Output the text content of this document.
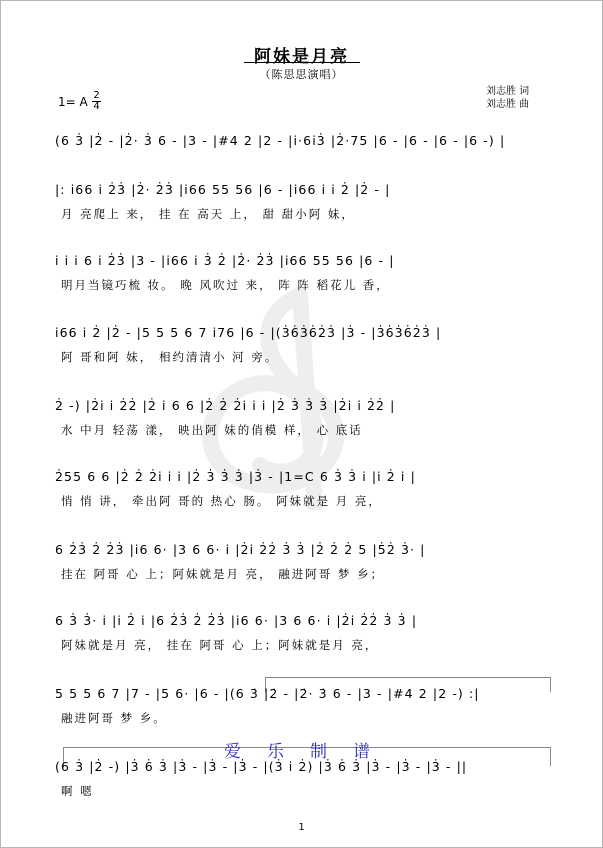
阿妹是月亮
（陈思思演唱）
刘志胜 词
刘志胜 曲
1= A 2
4
(6 3̇ |2̇ - |2̇· 3̇ 6 - |3 - |#4 2 |2 - |i·6i3̇ |2̇·75 |6 - |6 - |6 - |6 -) |
|: i66 i 2̇3̇ |2̇· 2̇3̇ |i66 55 56 |6 - |i66 i i 2̇ |2̇ - |
月 亮爬上 来， 挂 在 高天 上， 甜 甜小阿 妹，
i i i 6 i 2̇3̇ |3 - |i66 i 3̇ 2̇ |2̇· 2̇3̇ |i66 55 56 |6 - |
明月当镜巧梳 妆。 晚 风吹过 来， 阵 阵 稻花儿 香，
i66 i 2̇ |2̇ - |5 5 5 6 7 i76 |6 - |(3̇6̇3̇6̇2̇3̇ |3̇ - |3̇6̇3̇6̇2̇3̇ |
阿 哥和阿 妹， 相约清清小 河 旁。
2̇ -) |2̇i i 2̇2̇ |2̇ i 6 6 |2̇ 2̇ 2̇i i i |2̇ 3̇ 3̇ 3̇ |2̇i i 2̇2̇ |
水 中月 轻荡 漾， 映出阿 妹的俏模 样， 心 底话
2̇55 6 6 |2̇ 2̇ 2̇i i i |2̇ 3̇ 3̇ 3̇ |3̇ - |1=C 6 3̇ 3̇ i |i 2̇ i |
悄 悄 讲， 牵出阿 哥的 热心 肠。 阿妹就是 月 亮，
6 2̇3̇ 2̇ 2̇3̇ |i6 6· |3 6 6· i |2̇i 2̇2̇ 3̇ 3̇ |2̇ 2̇ 2̇ 5 |5̇2̇ 3̇· |
挂在 阿哥 心 上；阿妹就是月 亮， 融进阿哥 梦 乡；
6 3̇ 3̇· i |i 2̇ i |6 2̇3̇ 2̇ 2̇3̇ |i6 6· |3 6 6· i |2̇i 2̇2̇ 3̇ 3̇ |
阿妹就是月 亮， 挂在 阿哥 心 上；阿妹就是月 亮，
5 5 5 6 7 |7 - |5 6· |6 - |(6 3̇ |2̇ - |2̇· 3̇ 6 - |3 - |#4 2 |2 -) :|
融进阿哥 梦 乡。
爱乐制谱
(6 3̇ |2̇ -) |3̇ 6̇ 3̇ |3̇ - |3̇ - |3̇ - |(3̇ i 2̇) |3̇ 6̇ 3̇ |3̇ - |3̇ - |3̇ - ||
啊 嗯
1
